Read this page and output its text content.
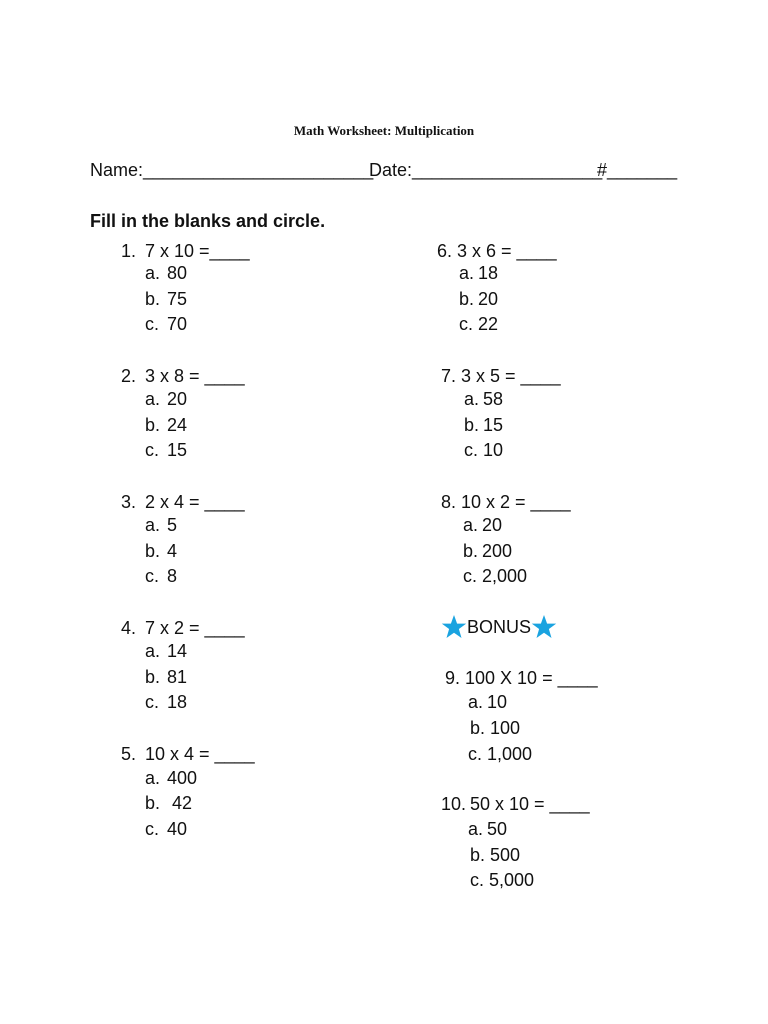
Math Worksheet: Multiplication
Name:_______________________
Date:___________________
#_______
Fill in the blanks and circle.
1. 7 x 10 =____
a. 80
b. 75
c. 70
2. 3 x 8 = ____
a. 20
b. 24
c. 15
3. 2 x 4 = ____
a. 5
b. 4
c. 8
4. 7 x 2 = ____
a. 14
b. 81
c. 18
5. 10 x 4 = ____
a. 400
b. 42
c. 40
6. 3 x 6 = ____
a. 18
b. 20
c. 22
7. 3 x 5 = ____
a. 58
b. 15
c. 10
8. 10 x 2 = ____
a. 20
b. 200
c. 2,000
BONUS
9. 100 X 10 = ____
a. 10
b. 100
c. 1,000
10. 50 x 10 = ____
a. 50
b. 500
c. 5,000
